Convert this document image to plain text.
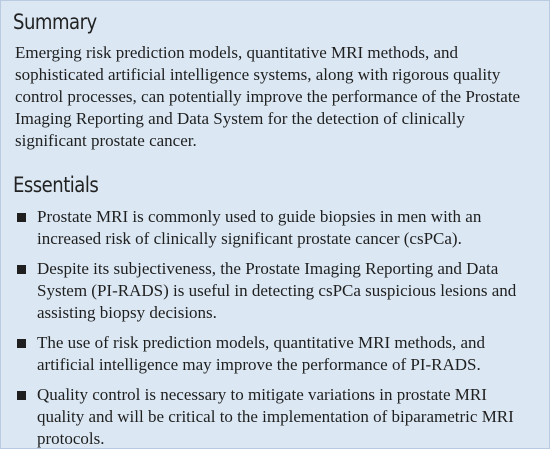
Summary

Emerging risk prediction models, quantitative MRI methods, and sophisticated artificial intelligence systems, along with rigorous quality control processes, can potentially improve the performance of the Prostate Imaging Reporting and Data System for the detection of clinically significant prostate cancer.

Essentials
Prostate MRI is commonly used to guide biopsies in men with an increased risk of clinically significant prostate cancer (csPCa).
Despite its subjectiveness, the Prostate Imaging Reporting and Data System (PI-RADS) is useful in detecting csPCa suspicious lesions and assisting biopsy decisions.
The use of risk prediction models, quantitative MRI methods, and artificial intelligence may improve the performance of PI-RADS.
Quality control is necessary to mitigate variations in prostate MRI quality and will be critical to the implementation of biparametric MRI protocols.
